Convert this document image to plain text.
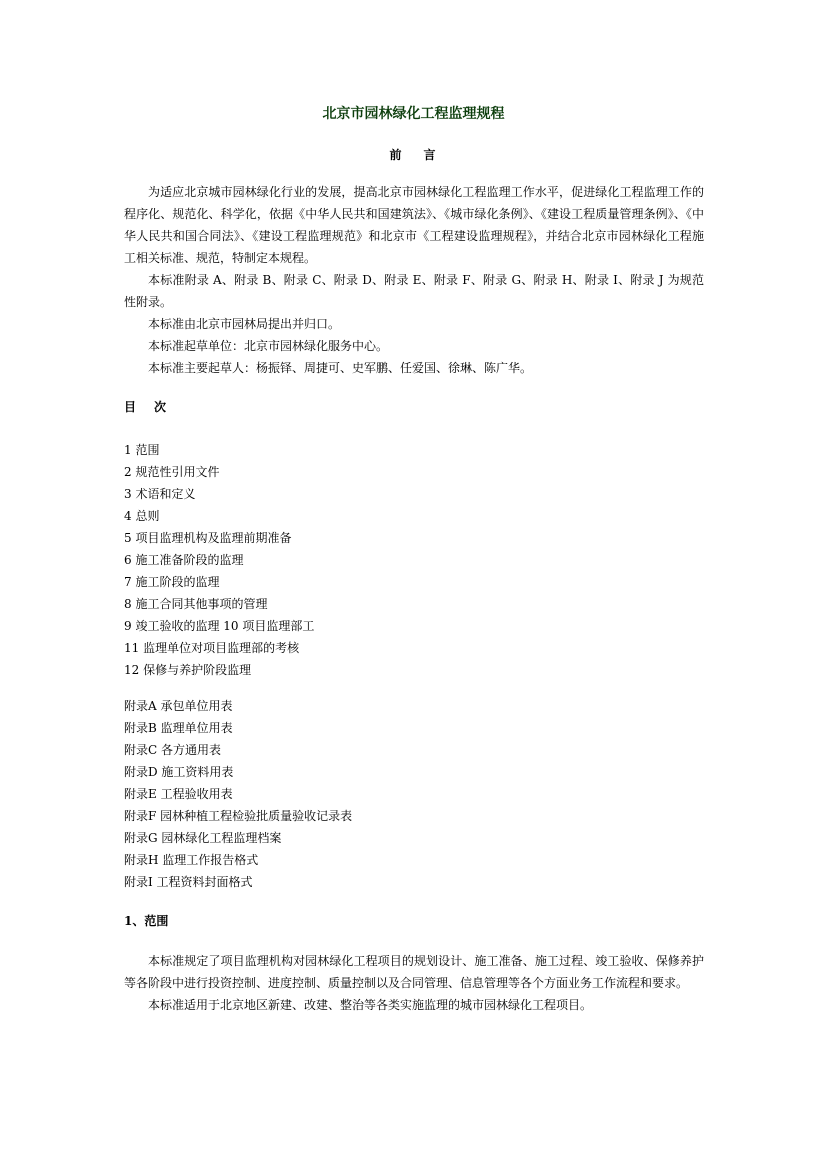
北京市园林绿化工程监理规程
前言

为适应北京城市园林绿化行业的发展，提高北京市园林绿化工程监理工作水平，促进绿化工程监理工作的程序化、规范化、科学化，依据《中华人民共和国建筑法》、《城市绿化条例》、《建设工程质量管理条例》、《中华人民共和国合同法》、《建设工程监理规范》和北京市《工程建设监理规程》，并结合北京市园林绿化工程施工相关标准、规范，特制定本规程。

本标准附录 A、附录 B、附录 C、附录 D、附录 E、附录 F、附录 G、附录 H、附录 I、附录 J 为规范性附录。

本标准由北京市园林局提出并归口。

本标准起草单位：北京市园林绿化服务中心。

本标准主要起草人：杨振铎、周捷可、史军鹏、任爱国、徐琳、陈广华。

目次
1 范围
2 规范性引用文件
3 术语和定义
4 总则
5 项目监理机构及监理前期准备
6 施工准备阶段的监理
7 施工阶段的监理
8 施工合同其他事项的管理
9 竣工验收的监理 10 项目监理部工
11 监理单位对项目监理部的考核
12 保修与养护阶段监理
附录A 承包单位用表
附录B 监理单位用表
附录C 各方通用表
附录D 施工资料用表
附录E 工程验收用表
附录F 园林种植工程检验批质量验收记录表
附录G 园林绿化工程监理档案
附录H 监理工作报告格式
附录I 工程资料封面格式
1、范围

本标准规定了项目监理机构对园林绿化工程项目的规划设计、施工准备、施工过程、竣工验收、保修养护等各阶段中进行投资控制、进度控制、质量控制以及合同管理、信息管理等各个方面业务工作流程和要求。

本标准适用于北京地区新建、改建、整治等各类实施监理的城市园林绿化工程项目。
